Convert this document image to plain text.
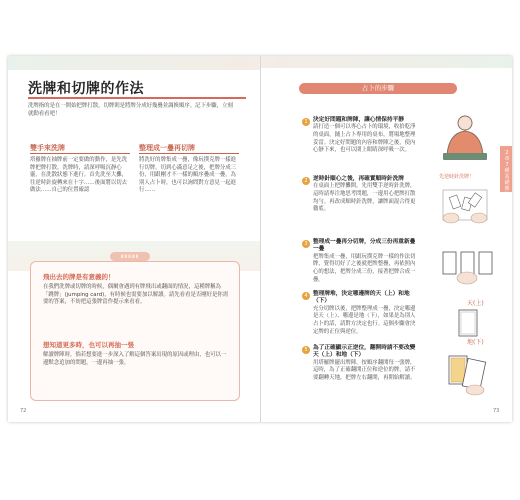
洗牌和切牌的作法
洗牌指的是在一開始把牌打散，切牌則是將牌分成好幾疊並調換順序。記下步驟，立刻就動看看吧！
雙手來洗牌
塔羅牌在抽牌前一定要做的動作，是先洗牌把牌打散。洗牌時，請深呼吸沉靜心靈，在洗散狀態下進行。首先洗至大攤，往逆時針旋轉來在十字……後面將以切去做法……自己的位置確認
整理成一疊再切牌
將洗好的牌集成一疊，像玩撲克牌一樣進行切牌。切到心滿意足之後，把牌分成三份，用跟剛才不一樣的順序疊成一疊。為別人占卜時，也可以詢問對方意見一起進行……
ⅢⅢⅢⅢⅢ
飛出去的牌是有意義的！
在我們洗牌或切牌的時候，偶爾會遇到有牌飛出或翻面的情況，這種牌稱為「跳牌」(jumping card)，有時候也需要加以解讀。請先看看是否剛好是你需要的答案，不妨把這張牌當作提示來看看。
想知道更多時，也可以再抽一張
解讀牌陣時，倘若想要進一步深入了解這個答案出現的原因或理由，也可以一邊默念追加的問題，一邊再抽一張。
72
占卜的步驟
2章 7種基礎牌陣
1 決定好問題和牌陣，讓心情保持平靜
請打造一個可以專心占卜的環境，收拾乾淨的桌面，鋪上占卜專用的桌布，將場地整理妥當。決定好問題的內容和牌陣之後，使內心靜下來，也可以閉上眼睛深呼吸一次。
2 逆時針順心之後，再確實順時針洗牌
在桌面上把牌攤開，先用雙手逆時針洗牌，這時請專注地思考問題，一邊用心把牌打散均勻。再改成順時針洗牌，讓牌面混合得更徹底。
先逆時針洗牌！
3 整理成一疊再分切牌，分成三份再重新疊一疊
把牌集成一疊，用跟玩撲克牌一樣的作法切牌，覺得切好了之後就把牌整疊，再依照內心的想法，把牌分成三份，接著把牌合成一疊。
4 整理牌堆，決定哪邊牌的天（上）和地（下）
充分切牌以後，把牌整理成一疊，決定哪邊是天（上）、哪邊是地（下），如果是為別人占卜的話，請對方決定也行。這個步驟會決定牌的正位與逆位。
天(上)
地(下)
5 為了正確顯示正逆位，翻開時請不要改變天（上）和地（下）
用塔羅牌擺出牌陣，按順序翻開每一張牌，這時，為了正確翻開正位和逆位的牌，請不要翻轉天地，把牌左右翻開，再開始解讀。
73
